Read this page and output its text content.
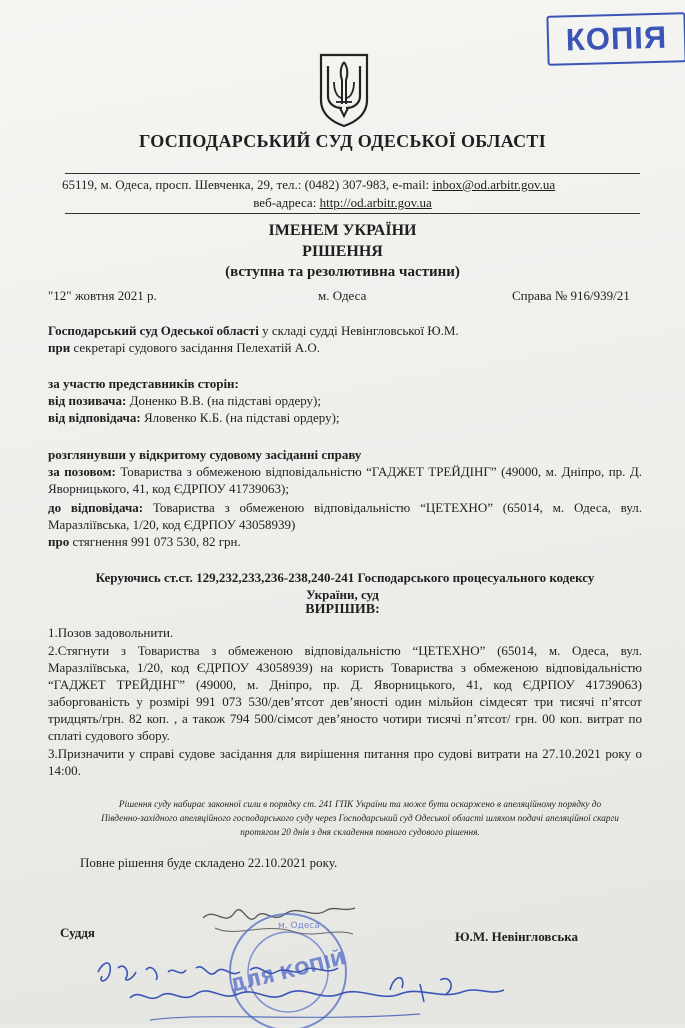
КОПІЯ
ГОСПОДАРСЬКИЙ СУД ОДЕСЬКОЇ ОБЛАСТІ
65119, м. Одеса, просп. Шевченка, 29, тел.: (0482) 307-983, e-mail: inbox@od.arbitr.gov.ua
веб-адреса: http://od.arbitr.gov.ua
ІМЕНЕМ УКРАЇНИ
РІШЕННЯ
(вступна та резолютивна частини)
"12" жовтня 2021 р.	м. Одеса	Справа № 916/939/21
Господарський суд Одеської області у складі судді Невінгловської Ю.М.
при секретарі судового засідання Пелехатій А.О.
за участю представників сторін:
від позивача: Доненко В.В. (на підставі ордеру);
від відповідача: Яловенко К.Б. (на підставі ордеру);
розглянувши у відкритому судовому засіданні справу
за позовом: Товариства з обмеженою відповідальністю “ГАДЖЕТ ТРЕЙДІНГ” (49000, м. Дніпро, пр. Д. Яворницького, 41, код ЄДРПОУ 41739063);
до відповідача: Товариства з обмеженою відповідальністю “ЦЕТЕХНО” (65014, м. Одеса, вул. Маразліївська, 1/20, код ЄДРПОУ 43058939)
про стягнення 991 073 530, 82 грн.
Керуючись ст.ст. 129,232,233,236-238,240-241 Господарського процесуального кодексу
України, суд
ВИРІШИВ:
1.Позов задовольнити.
2.Стягнути з Товариства з обмеженою відповідальністю “ЦЕТЕХНО” (65014, м. Одеса, вул. Маразліївська, 1/20, код ЄДРПОУ 43058939) на користь Товариства з обмеженою відповідальністю “ГАДЖЕТ ТРЕЙДІНГ” (49000, м. Дніпро, пр. Д. Яворницького, 41, код ЄДРПОУ 41739063) заборгованість у розмірі 991 073 530/дев’ятсот дев’яності один мільйон сімдесят три тисячі п’ятсот тридцять/грн. 82 коп. , а також 794 500/сімсот дев’яносто чотири тисячі п’ятсот/ грн. 00 коп. витрат по сплаті судового збору.
3.Призначити у справі судове засідання для вирішення питання про судові витрати на 27.10.2021 року о 14:00.
Рішення суду набирає законної сили в порядку ст. 241 ГПК України та може бути оскаржено в апеляційному порядку до Південно-західного апеляційного господарського суду через Господарський суд Одеської області шляхом подачі апеляційної скарги протягом 20 днів з дня складення повного судового рішення.
Повне рішення буде складено 22.10.2021 року.
Суддя	Ю.М. Невінгловська
м. Одеса
ДЛЯ КОПІЙ
